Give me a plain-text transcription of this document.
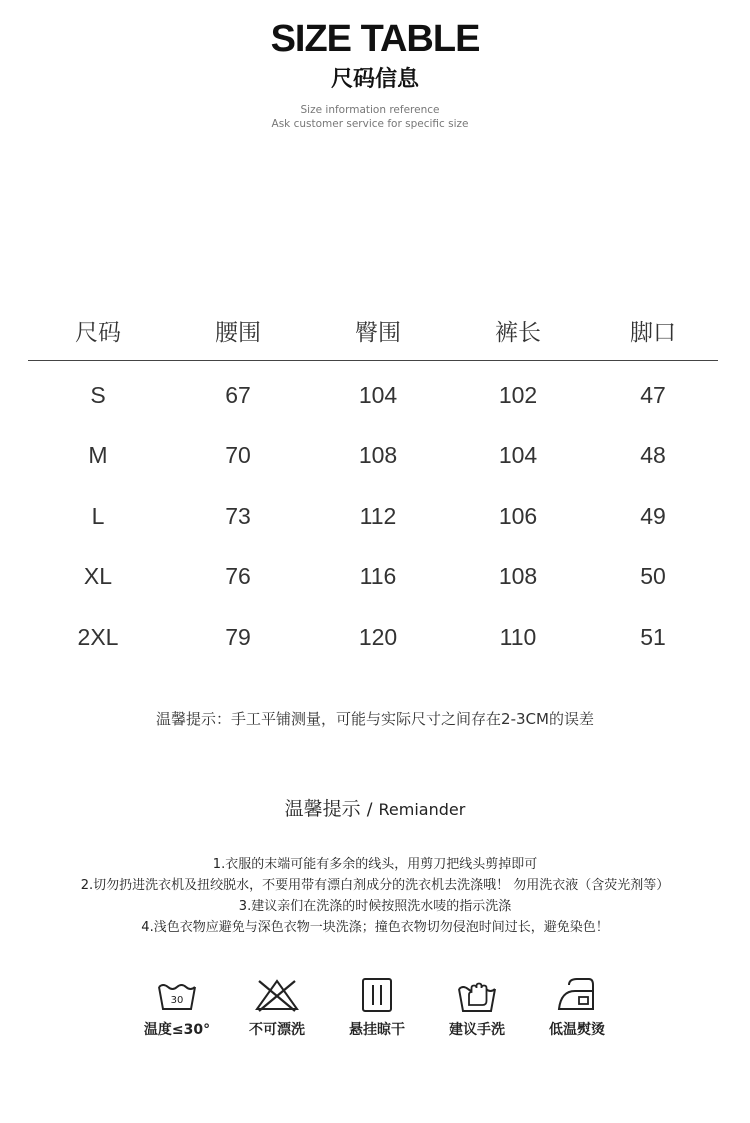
SIZE TABLE
尺码信息
Size information reference
Ask customer service for specific size
尺码	腰围	臀围	裤长	脚口
S	67	104	102	47
M	70	108	104	48
L	73	112	106	49
XL	76	116	108	50
2XL	79	120	110	51
温馨提示：手工平铺测量，可能与实际尺寸之间存在2-3CM的误差
温馨提示 / Remiander
1.衣服的末端可能有多余的线头，用剪刀把线头剪掉即可
2.切勿扔进洗衣机及扭绞脱水，不要用带有漂白剂成分的洗衣机去洗涤哦！ 勿用洗衣液（含荧光剂等）
3.建议亲们在洗涤的时候按照洗水唛的指示洗涤
4.浅色衣物应避免与深色衣物一块洗涤；撞色衣物切勿侵泡时间过长，避免染色！
30
温度≤30°	不可漂洗	悬挂晾干	建议手洗	低温熨烫
